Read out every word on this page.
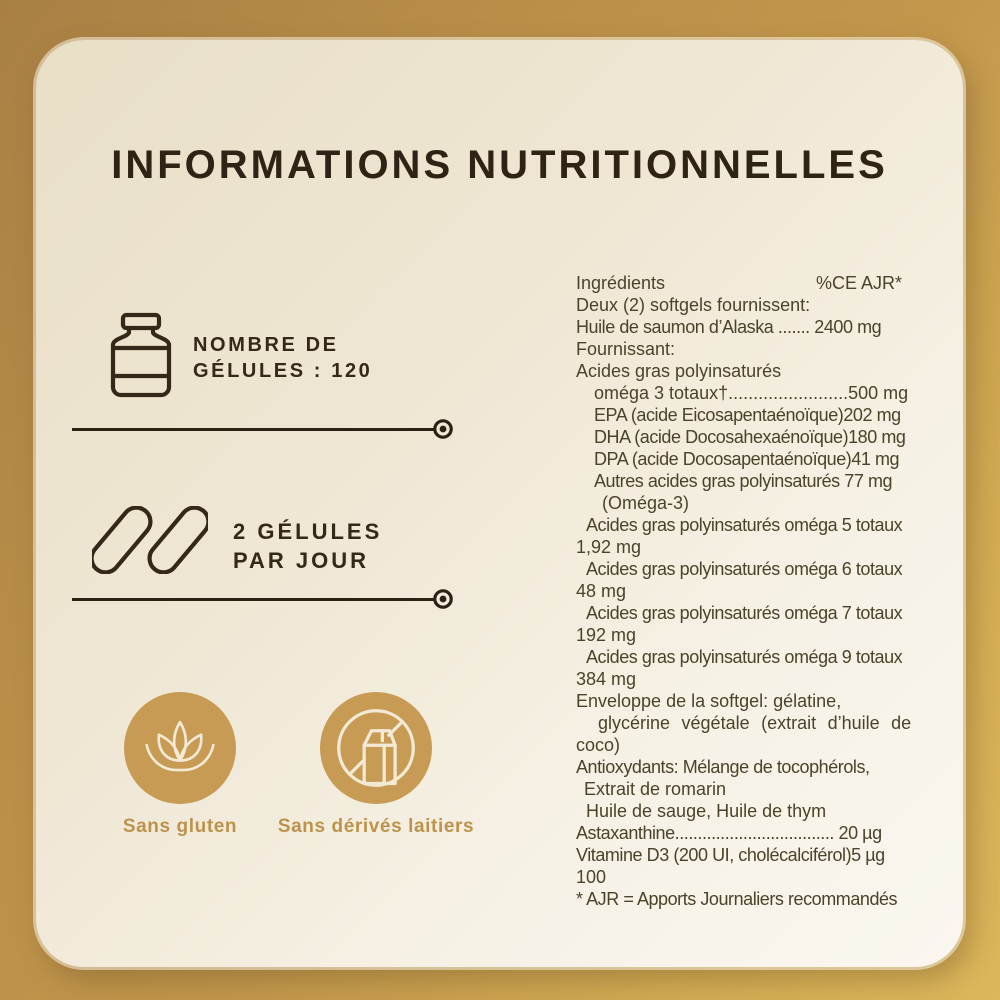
INFORMATIONS NUTRITIONNELLES
NOMBRE DE
GÉLULES : 120
2 GÉLULES
PAR JOUR
Sans gluten	Sans dérivés laitiers
Ingrédients	%CE AJR*
Deux (2) softgels fournissent:
Huile de saumon d’Alaska ....... 2400 mg
Fournissant:
Acides gras polyinsaturés
oméga 3 totaux†........................500 mg
EPA (acide Eicosapentaénoïque)202 mg
DHA (acide Docosahexaénoïque)180 mg
DPA (acide Docosapentaénoïque)41 mg
Autres acides gras polyinsaturés 77 mg
(Oméga-3)
Acides gras polyinsaturés oméga 5 totaux
1,92 mg
Acides gras polyinsaturés oméga 6 totaux
48 mg
Acides gras polyinsaturés oméga 7 totaux
192 mg
Acides gras polyinsaturés oméga 9 totaux
384 mg
Enveloppe de la softgel: gélatine,
glycérine végétale (extrait d’huile de
coco)
Antioxydants: Mélange de tocophérols,
Extrait de romarin
Huile de sauge, Huile de thym
Astaxanthine................................... 20 µg
Vitamine D3 (200 UI, cholécalciférol)5 µg
100
* AJR = Apports Journaliers recommandés
